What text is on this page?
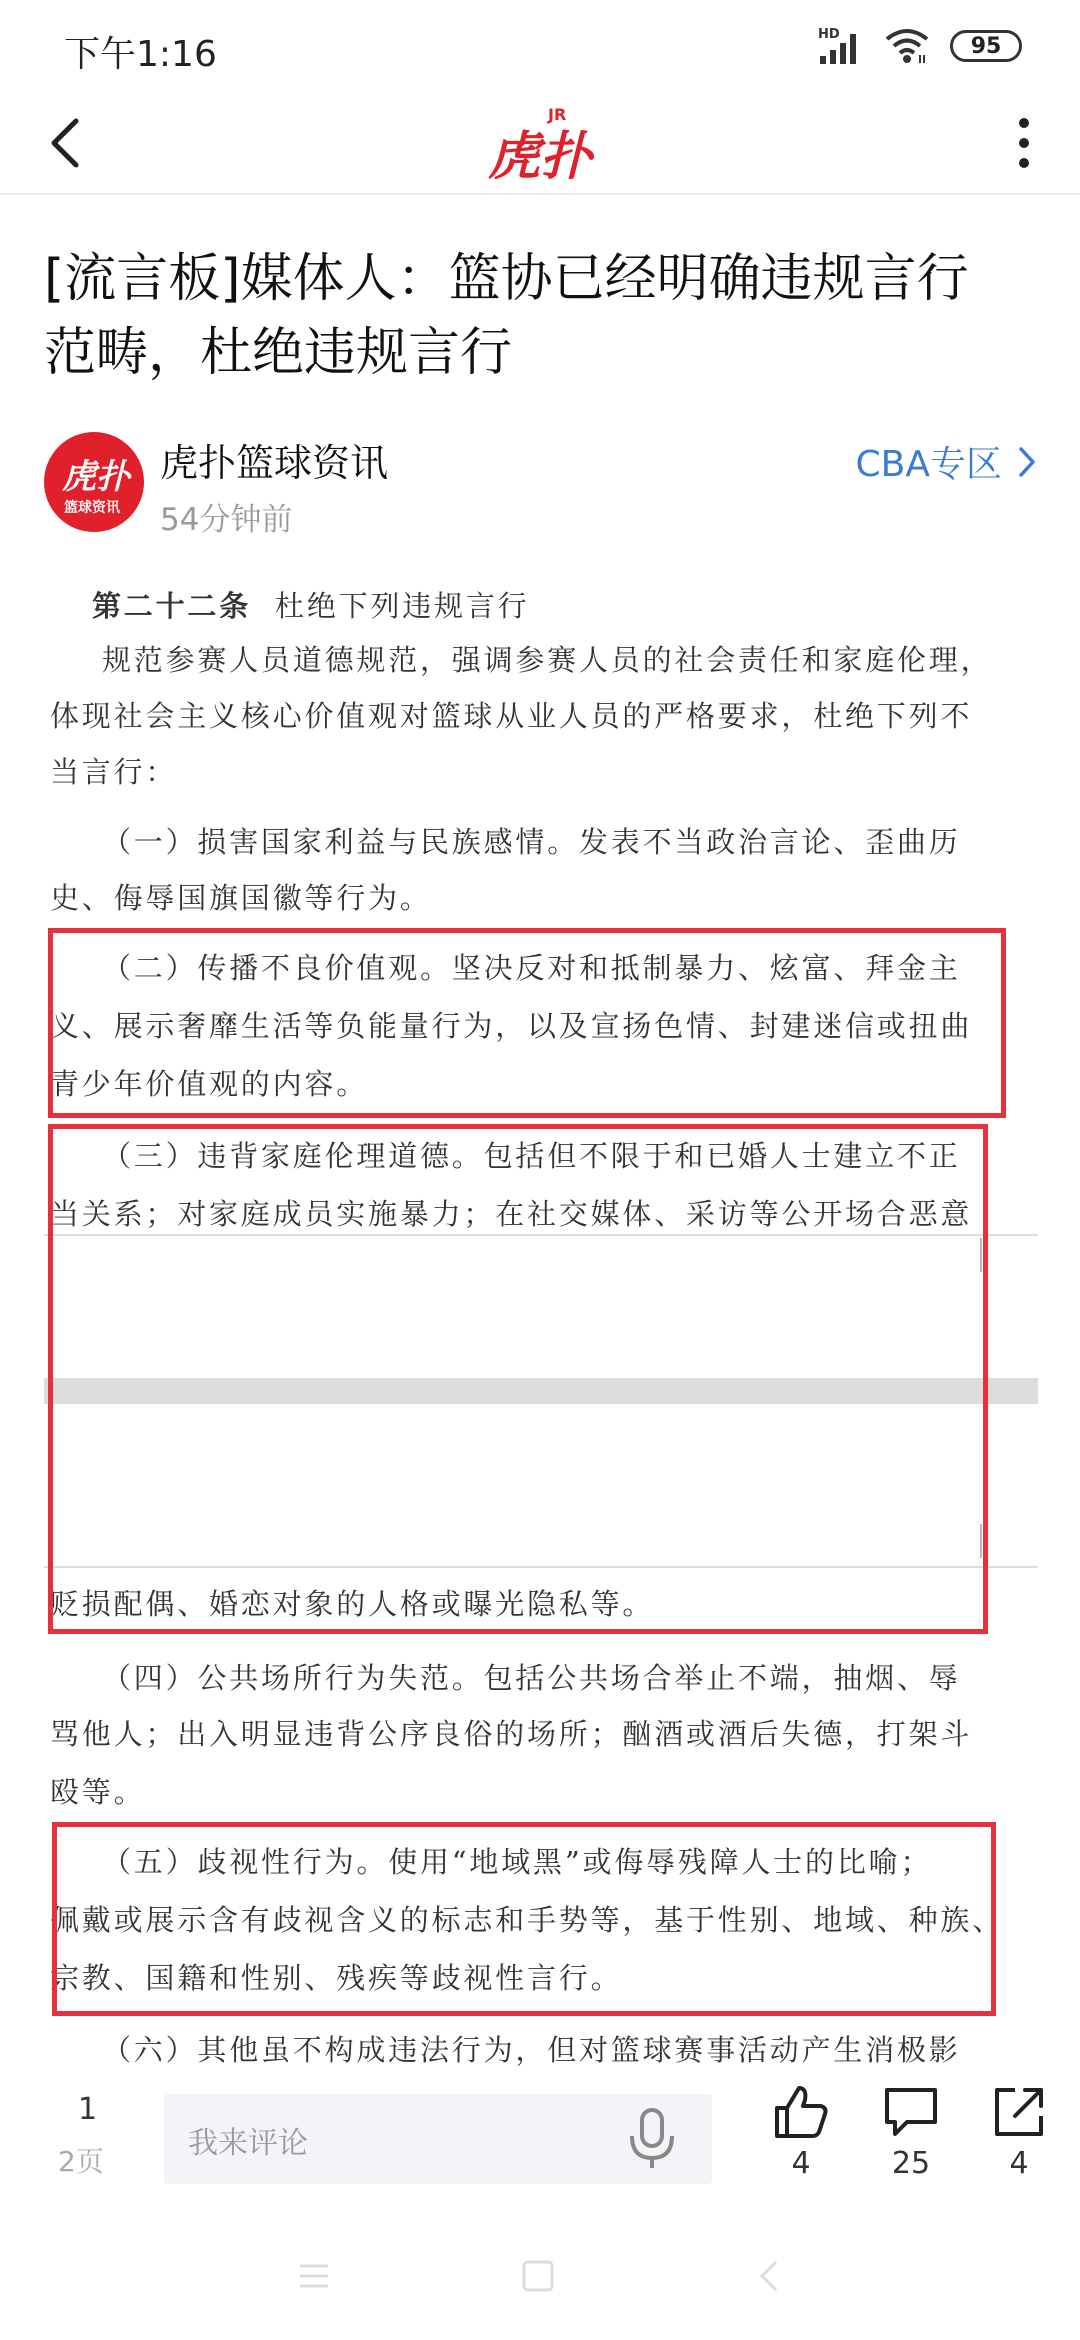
下午1:16	HD	95
JR
虎扑
[流言板]媒体人：篮协已经明确违规言行
范畴，杜绝违规言行
虎扑
篮球资讯
虎扑篮球资讯
54分钟前
CBA专区
第二十二条 杜绝下列违规言行
规范参赛人员道德规范，强调参赛人员的社会责任和家庭伦理，
体现社会主义核心价值观对篮球从业人员的严格要求，杜绝下列不
当言行：
（一）损害国家利益与民族感情。发表不当政治言论、歪曲历
史、侮辱国旗国徽等行为。
（二）传播不良价值观。坚决反对和抵制暴力、炫富、拜金主
义、展示奢靡生活等负能量行为，以及宣扬色情、封建迷信或扭曲
青少年价值观的内容。
（三）违背家庭伦理道德。包括但不限于和已婚人士建立不正
当关系；对家庭成员实施暴力；在社交媒体、采访等公开场合恶意
贬损配偶、婚恋对象的人格或曝光隐私等。
（四）公共场所行为失范。包括公共场合举止不端，抽烟、辱
骂他人；出入明显违背公序良俗的场所；酗酒或酒后失德，打架斗
殴等。
（五）歧视性行为。使用“地域黑”或侮辱残障人士的比喻；
佩戴或展示含有歧视含义的标志和手势等，基于性别、地域、种族、
宗教、国籍和性别、残疾等歧视性言行。
（六）其他虽不构成违法行为，但对篮球赛事活动产生消极影
1
2页
我来评论
4	25	4
